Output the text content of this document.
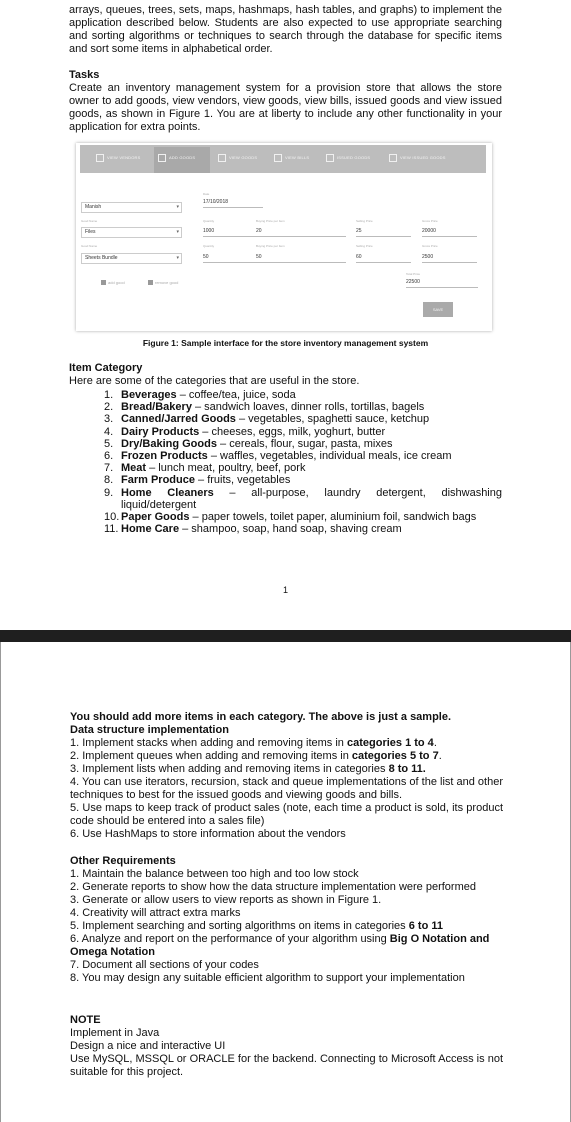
arrays, queues, trees, sets, maps, hashmaps, hash tables, and graphs) to implement the application described below. Students are also expected to use appropriate searching and sorting algorithms or techniques to search through the database for specific items and sort some items in alphabetical order.
Tasks
Create an inventory management system for a provision store that allows the store owner to add goods, view vendors, view goods, view bills, issued goods and view issued goods, as shown in Figure 1. You are at liberty to include any other functionality in your application for extra points.
VIEW VENDORS	ADD GOODS	VIEW GOODS	VIEW BILLS	ISSUED GOODS	VIEW ISSUED GOODS
Date
17/10/2018
Manish	▾
Good Name	Quantity	Buying Price per Item	Selling Price	Gross Price
Files	▾	1000	20	25	20000
Good Name	Quantity	Buying Price per Item	Selling Price	Gross Price
Sheets Bundle	▾	50	50	60	2500
add good	remove good
Total Price
22500
SAVE
Figure 1: Sample interface for the store inventory management system
Item Category
Here are some of the categories that are useful in the store.
1. Beverages – coffee/tea, juice, soda
2. Bread/Bakery – sandwich loaves, dinner rolls, tortillas, bagels
3. Canned/Jarred Goods – vegetables, spaghetti sauce, ketchup
4. Dairy Products – cheeses, eggs, milk, yoghurt, butter
5. Dry/Baking Goods – cereals, flour, sugar, pasta, mixes
6. Frozen Products – waffles, vegetables, individual meals, ice cream
7. Meat – lunch meat, poultry, beef, pork
8. Farm Produce – fruits, vegetables
9. Home Cleaners – all-purpose, laundry detergent, dishwashing liquid/detergent
10. Paper Goods – paper towels, toilet paper, aluminium foil, sandwich bags
11. Home Care – shampoo, soap, hand soap, shaving cream
1
You should add more items in each category. The above is just a sample.
Data structure implementation
1. Implement stacks when adding and removing items in categories 1 to 4.
2. Implement queues when adding and removing items in categories 5 to 7.
3. Implement lists when adding and removing items in categories 8 to 11.
4. You can use iterators, recursion, stack and queue implementations of the list and other techniques to best for the issued goods and viewing goods and bills.
5. Use maps to keep track of product sales (note, each time a product is sold, its product code should be entered into a sales file)
6. Use HashMaps to store information about the vendors
Other Requirements
1. Maintain the balance between too high and too low stock
2. Generate reports to show how the data structure implementation were performed
3. Generate or allow users to view reports as shown in Figure 1.
4. Creativity will attract extra marks
5. Implement searching and sorting algorithms on items in categories 6 to 11
6. Analyze and report on the performance of your algorithm using Big O Notation and Omega Notation
7. Document all sections of your codes
8. You may design any suitable efficient algorithm to support your implementation
NOTE
Implement in Java
Design a nice and interactive UI
Use MySQL, MSSQL or ORACLE for the backend. Connecting to Microsoft Access is not suitable for this project.
